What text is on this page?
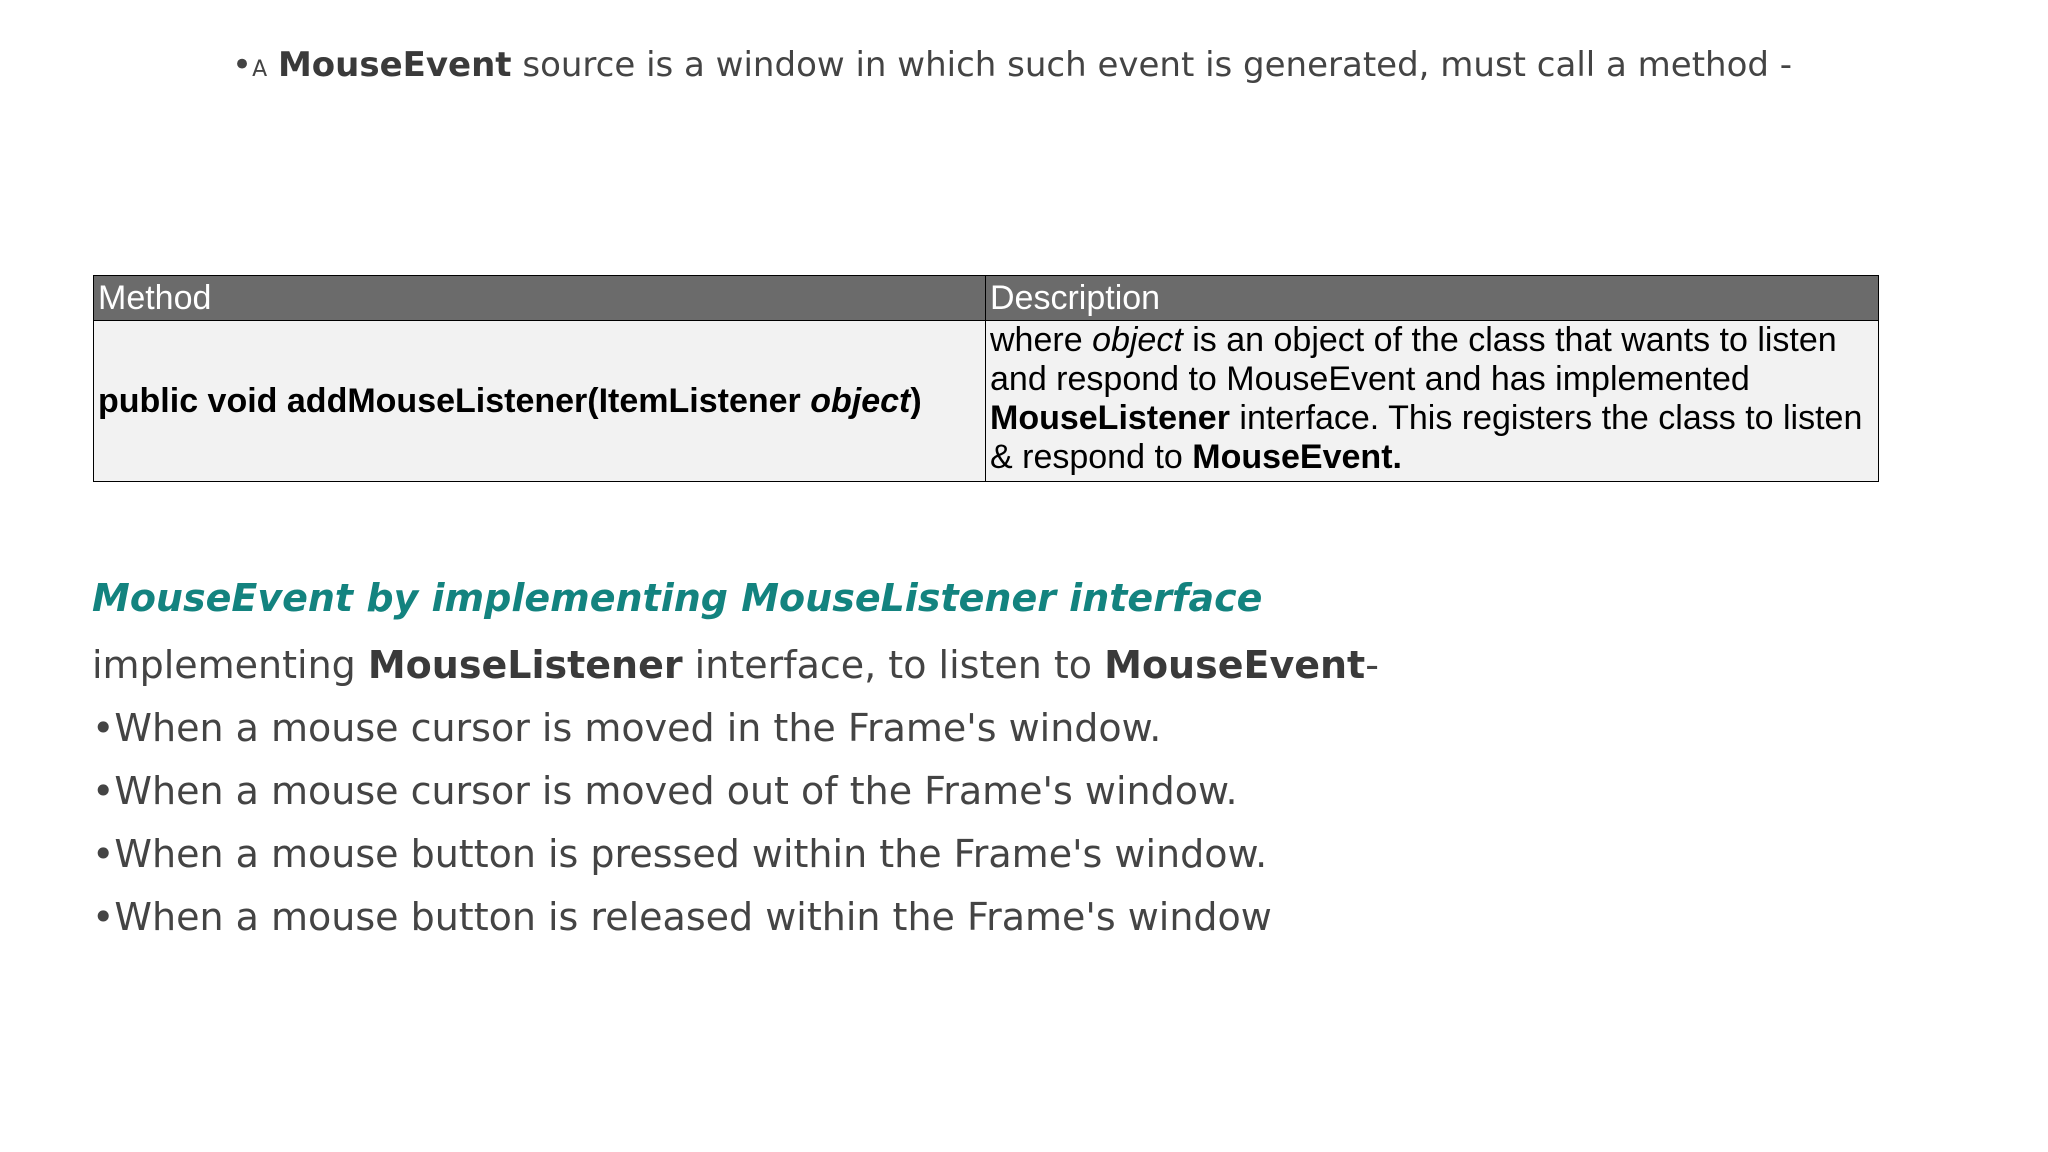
•A MouseEvent source is a window in which such event is generated, must call a method -
Method	Description
public void addMouseListener(ItemListener object)	where object is an object of the class that wants to listen and respond to MouseEvent and has implemented MouseListener interface. This registers the class to listen & respond to MouseEvent.
MouseEvent by implementing MouseListener interface
implementing MouseListener interface, to listen to MouseEvent-
•When a mouse cursor is moved in the Frame's window.
•When a mouse cursor is moved out of the Frame's window.
•When a mouse button is pressed within the Frame's window.
•When a mouse button is released within the Frame's window
